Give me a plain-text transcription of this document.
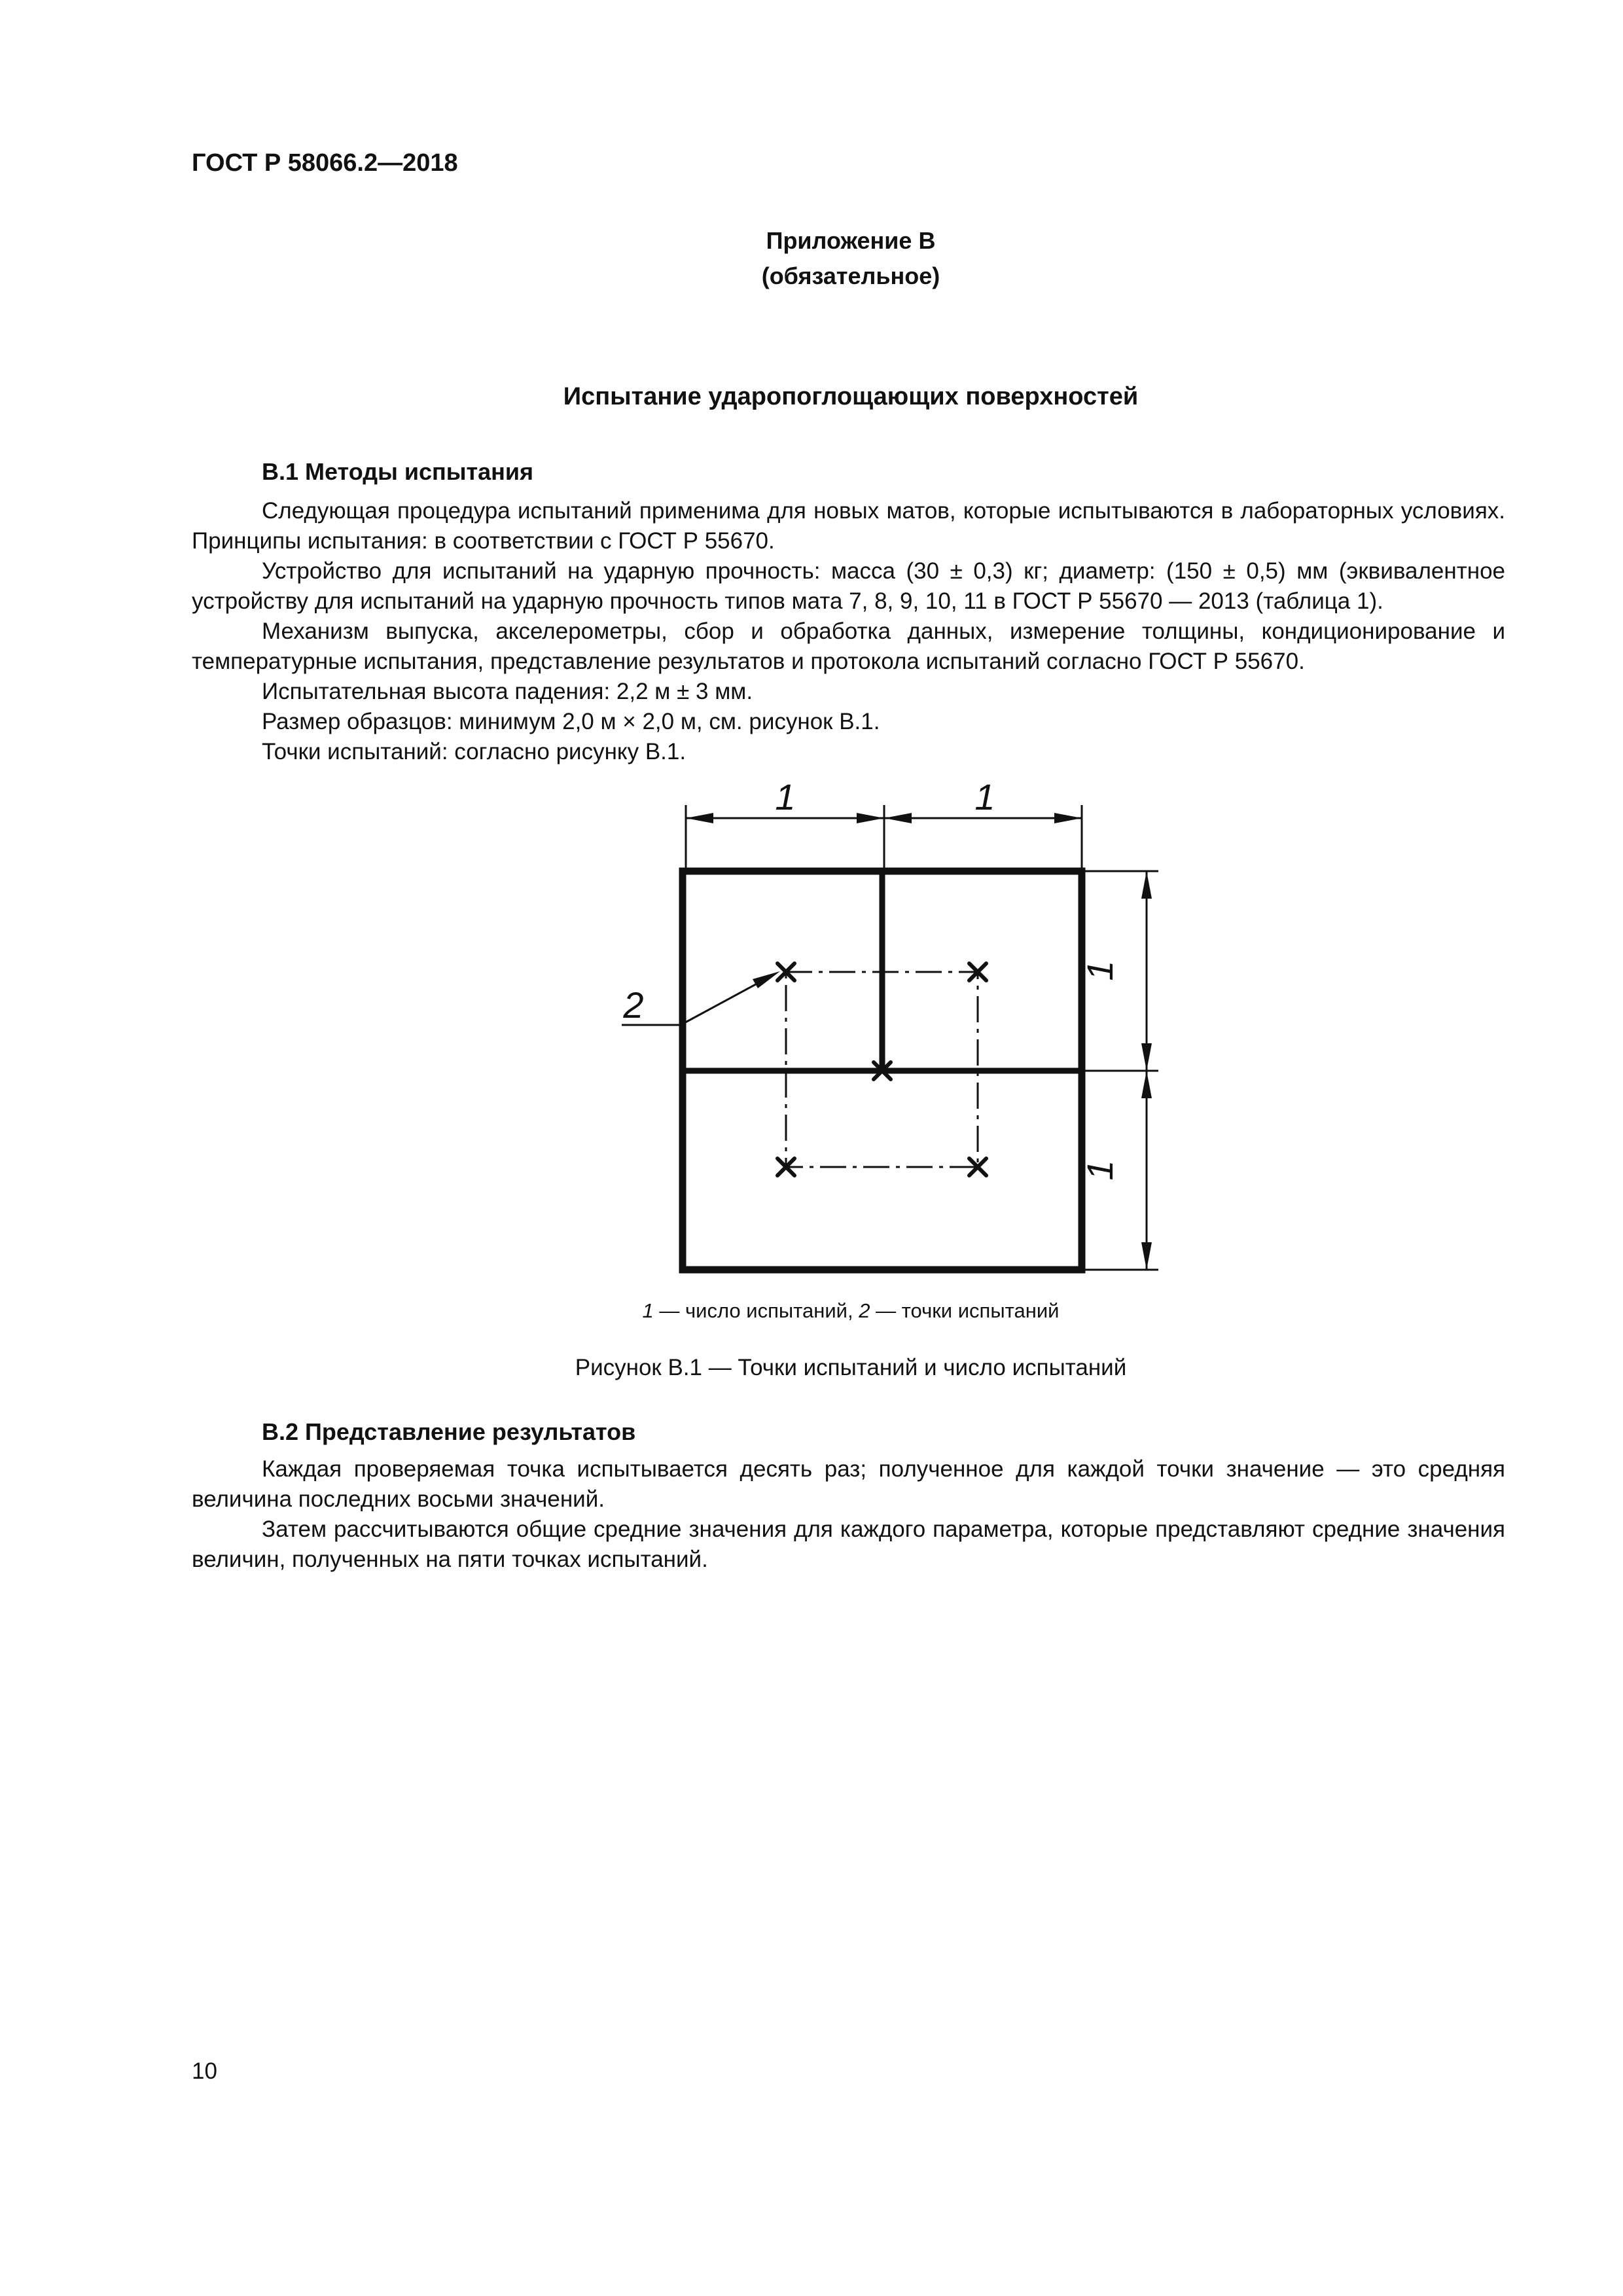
ГОСТ Р 58066.2—2018
Приложение В
(обязательное)
Испытание ударопоглощающих поверхностей
В.1 Методы испытания

Следующая процедура испытаний применима для новых матов, которые испытываются в лабораторных условиях. Принципы испытания: в соответствии с ГОСТ Р 55670.

Устройство для испытаний на ударную прочность: масса (30 ± 0,3) кг; диаметр: (150 ± 0,5) мм (эквивалентное устройству для испытаний на ударную прочность типов мата 7, 8, 9, 10, 11 в ГОСТ Р 55670 — 2013 (таблица 1).

Механизм выпуска, акселерометры, сбор и обработка данных, измерение толщины, кондиционирование и температурные испытания, представление результатов и протокола испытаний согласно ГОСТ Р 55670.

Испытательная высота падения: 2,2 м ± 3 мм.

Размер образцов: минимум 2,0 м × 2,0 м, см. рисунок В.1.

Точки испытаний: согласно рисунку В.1.

1	1
1
1
2
1 — число испытаний, 2 — точки испытаний
Рисунок В.1 — Точки испытаний и число испытаний
В.2 Представление результатов

Каждая проверяемая точка испытывается десять раз; полученное для каждой точки значение — это средняя величина последних восьми значений.

Затем рассчитываются общие средние значения для каждого параметра, которые представляют средние значения величин, полученных на пяти точках испытаний.

10
